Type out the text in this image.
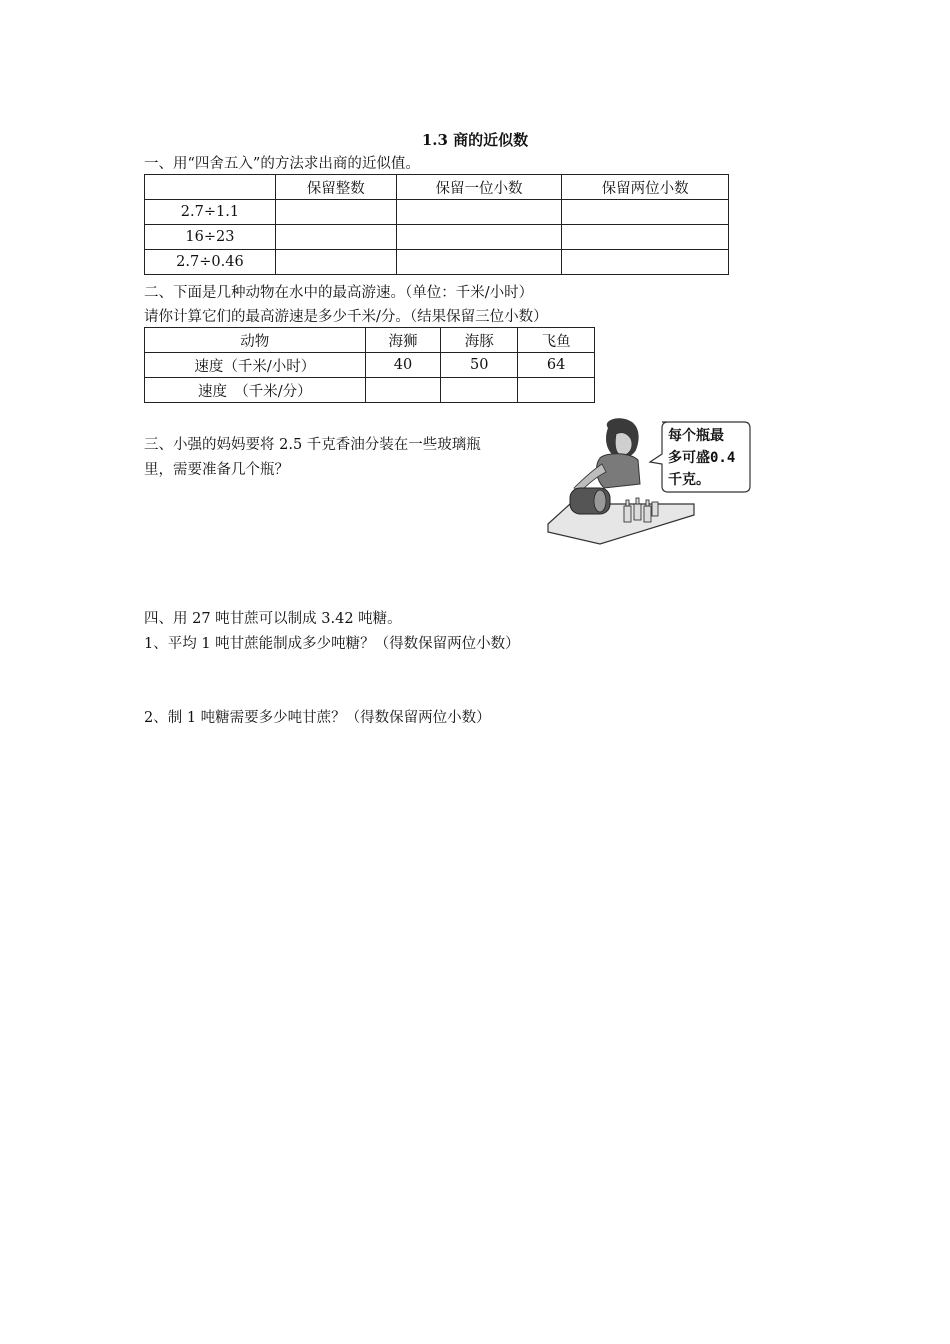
1.3 商的近似数
一、用“四舍五入”的方法求出商的近似值。
	保留整数	保留一位小数	保留两位小数
2.7÷1.1			
16÷23			
2.7÷0.46			
二、下面是几种动物在水中的最高游速。（单位：千米/小时）
请你计算它们的最高游速是多少千米/分。（结果保留三位小数）
动物	海狮	海豚	飞鱼
速度（千米/小时）	40	50	64
速度　（千米/分）			
三、小强的妈妈要将 2.5 千克香油分装在一些玻璃瓶
里，需要准备几个瓶？
每个瓶最
多可盛0.4
千克。
四、用 27 吨甘蔗可以制成 3.42 吨糖。
1、平均 1 吨甘蔗能制成多少吨糖？（得数保留两位小数）
2、制 1 吨糖需要多少吨甘蔗？（得数保留两位小数）
